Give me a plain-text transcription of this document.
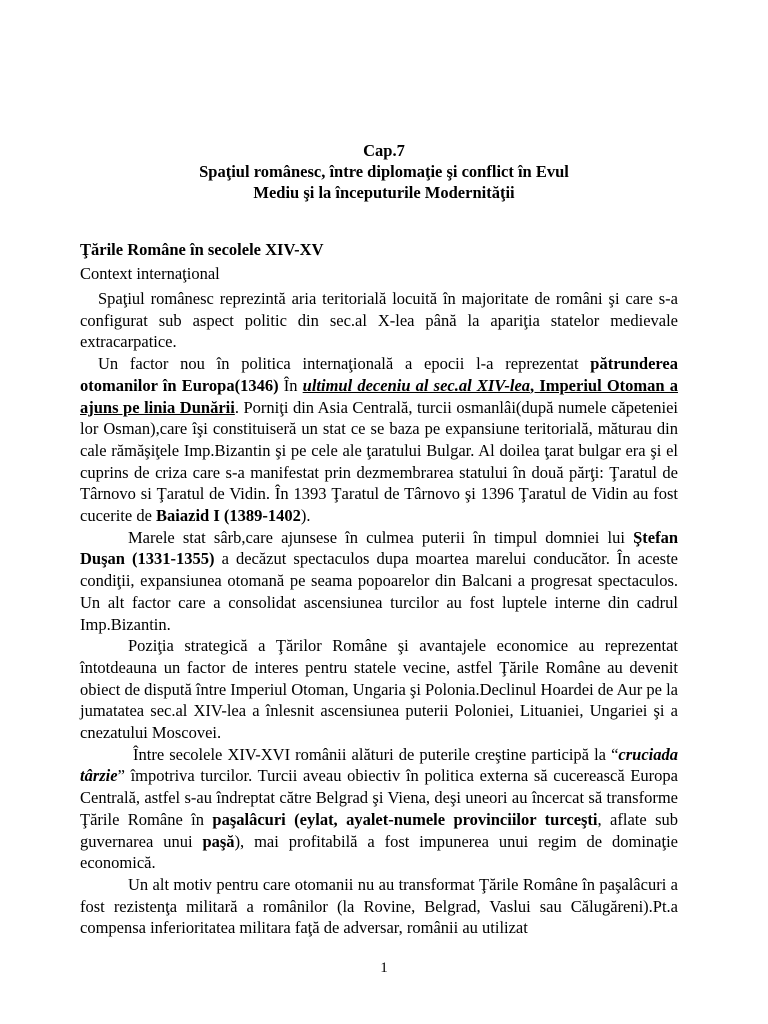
Cap.7
Spaţiul românesc, între diplomaţie şi conflict în Evul
Mediu şi la începuturile Modernităţii
Ţările Române în secolele XIV-XV
Context internaţional

Spaţiul românesc reprezintă aria teritorială locuită în majoritate de români şi care s-a configurat sub aspect politic din sec.al X-lea până la apariţia statelor medievale extracarpatice.

Un factor nou în politica internaţională a epocii l-a reprezentat pătrunderea otomanilor în Europa(1346) În ultimul deceniu al sec.al XIV-lea, Imperiul Otoman a ajuns pe linia Dunării. Porniţi din Asia Centrală, turcii osmanlâi(după numele căpeteniei lor Osman),care îşi constituiseră un stat ce se baza pe expansiune teritorială, măturau din cale rămăşiţele Imp.Bizantin şi pe cele ale ţaratului Bulgar. Al doilea ţarat bulgar era şi el cuprins de criza care s-a manifestat prin dezmembrarea statului în două părţi: Ţaratul de Târnovo si Ţaratul de Vidin. În 1393 Ţaratul de Târnovo şi 1396 Ţaratul de Vidin au fost cucerite de Baiazid I (1389-1402).

Marele stat sârb,care ajunsese în culmea puterii în timpul domniei lui Ştefan Duşan (1331-1355) a decăzut spectaculos dupa moartea marelui conducător. În aceste condiţii, expansiunea otomană pe seama popoarelor din Balcani a progresat spectaculos. Un alt factor care a consolidat ascensiunea turcilor au fost luptele interne din cadrul Imp.Bizantin.

Poziţia strategică a Ţărilor Române şi avantajele economice au reprezentat întotdeauna un factor de interes pentru statele vecine, astfel Ţările Române au devenit obiect de dispută între Imperiul Otoman, Ungaria şi Polonia.Declinul Hoardei de Aur pe la jumatatea sec.al XIV-lea a înlesnit ascensiunea puterii Poloniei, Lituaniei, Ungariei şi a cnezatului Moscovei.

Între secolele XIV-XVI românii alături de puterile creştine participă la “cruciada târzie” împotriva turcilor. Turcii aveau obiectiv în politica externa să cucerească Europa Centrală, astfel s-au îndreptat către Belgrad şi Viena, deşi uneori au încercat să transforme Ţările Române în paşalâcuri (eylat, ayalet-numele provinciilor turceşti, aflate sub guvernarea unui paşă), mai profitabilă a fost impunerea unui regim de dominaţie economică.

Un alt motiv pentru care otomanii nu au transformat Ţările Române în paşalâcuri a fost rezistenţa militară a românilor (la Rovine, Belgrad, Vaslui sau Călugăreni).Pt.a compensa inferioritatea militara faţă de adversar, românii au utilizat

1
